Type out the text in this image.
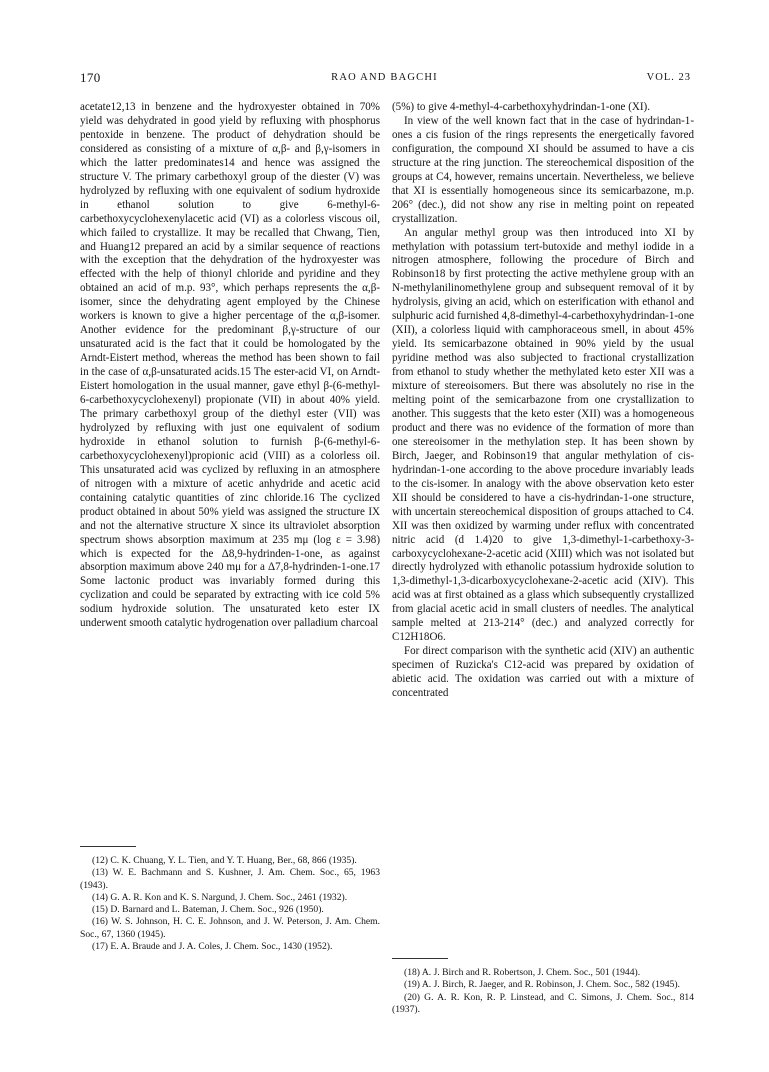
170	RAO AND BAGCHI	VOL. 23

acetate12,13 in benzene and the hydroxyester obtained in 70% yield was dehydrated in good yield by refluxing with phosphorus pentoxide in benzene. The product of dehydration should be considered as consisting of a mixture of α,β- and β,γ-isomers in which the latter predominates14 and hence was assigned the structure V. The primary carbethoxyl group of the diester (V) was hydrolyzed by refluxing with one equivalent of sodium hydroxide in ethanol solution to give 6-methyl-6-carbethoxycyclohexenylacetic acid (VI) as a colorless viscous oil, which failed to crystallize. It may be recalled that Chwang, Tien, and Huang12 prepared an acid by a similar sequence of reactions with the exception that the dehydration of the hydroxyester was effected with the help of thionyl chloride and pyridine and they obtained an acid of m.p. 93°, which perhaps represents the α,β-isomer, since the dehydrating agent employed by the Chinese workers is known to give a higher percentage of the α,β-isomer. Another evidence for the predominant β,γ-structure of our unsaturated acid is the fact that it could be homologated by the Arndt-Eistert method, whereas the method has been shown to fail in the case of α,β-unsaturated acids.15 The ester-acid VI, on Arndt-Eistert homologation in the usual manner, gave ethyl β-(6-methyl-6-carbethoxycyclohexenyl) propionate (VII) in about 40% yield. The primary carbethoxyl group of the diethyl ester (VII) was hydrolyzed by refluxing with just one equivalent of sodium hydroxide in ethanol solution to furnish β-(6-methyl-6-carbethoxycyclohexenyl)propionic acid (VIII) as a colorless oil. This unsaturated acid was cyclized by refluxing in an atmosphere of nitrogen with a mixture of acetic anhydride and acetic acid containing catalytic quantities of zinc chloride.16 The cyclized product obtained in about 50% yield was assigned the structure IX and not the alternative structure X since its ultraviolet absorption spectrum shows absorption maximum at 235 mμ (log ε = 3.98) which is expected for the Δ8,9-hydrinden-1-one, as against absorption maximum above 240 mμ for a Δ7,8-hydrinden-1-one.17 Some lactonic product was invariably formed during this cyclization and could be separated by extracting with ice cold 5% sodium hydroxide solution. The unsaturated keto ester IX underwent smooth catalytic hydrogenation over palladium charcoal

(12) C. K. Chuang, Y. L. Tien, and Y. T. Huang, Ber., 68, 866 (1935).

(13) W. E. Bachmann and S. Kushner, J. Am. Chem. Soc., 65, 1963 (1943).

(14) G. A. R. Kon and K. S. Nargund, J. Chem. Soc., 2461 (1932).

(15) D. Barnard and L. Bateman, J. Chem. Soc., 926 (1950).

(16) W. S. Johnson, H. C. E. Johnson, and J. W. Peterson, J. Am. Chem. Soc., 67, 1360 (1945).

(17) E. A. Braude and J. A. Coles, J. Chem. Soc., 1430 (1952).

(5%) to give 4-methyl-4-carbethoxyhydrindan-1-one (XI).

In view of the well known fact that in the case of hydrindan-1-ones a cis fusion of the rings represents the energetically favored configuration, the compound XI should be assumed to have a cis structure at the ring junction. The stereochemical disposition of the groups at C4, however, remains uncertain. Nevertheless, we believe that XI is essentially homogeneous since its semicarbazone, m.p. 206° (dec.), did not show any rise in melting point on repeated crystallization.

An angular methyl group was then introduced into XI by methylation with potassium tert-butoxide and methyl iodide in a nitrogen atmosphere, following the procedure of Birch and Robinson18 by first protecting the active methylene group with an N-methylanilinomethylene group and subsequent removal of it by hydrolysis, giving an acid, which on esterification with ethanol and sulphuric acid furnished 4,8-dimethyl-4-carbethoxyhydrindan-1-one (XII), a colorless liquid with camphoraceous smell, in about 45% yield. Its semicarbazone obtained in 90% yield by the usual pyridine method was also subjected to fractional crystallization from ethanol to study whether the methylated keto ester XII was a mixture of stereoisomers. But there was absolutely no rise in the melting point of the semicarbazone from one crystallization to another. This suggests that the keto ester (XII) was a homogeneous product and there was no evidence of the formation of more than one stereoisomer in the methylation step. It has been shown by Birch, Jaeger, and Robinson19 that angular methylation of cis-hydrindan-1-one according to the above procedure invariably leads to the cis-isomer. In analogy with the above observation keto ester XII should be considered to have a cis-hydrindan-1-one structure, with uncertain stereochemical disposition of groups attached to C4. XII was then oxidized by warming under reflux with concentrated nitric acid (d 1.4)20 to give 1,3-dimethyl-1-carbethoxy-3-carboxycyclohexane-2-acetic acid (XIII) which was not isolated but directly hydrolyzed with ethanolic potassium hydroxide solution to 1,3-dimethyl-1,3-dicarboxycyclohexane-2-acetic acid (XIV). This acid was at first obtained as a glass which subsequently crystallized from glacial acetic acid in small clusters of needles. The analytical sample melted at 213-214° (dec.) and analyzed correctly for C12H18O6.

For direct comparison with the synthetic acid (XIV) an authentic specimen of Ruzicka's C12-acid was prepared by oxidation of abietic acid. The oxidation was carried out with a mixture of concentrated

(18) A. J. Birch and R. Robertson, J. Chem. Soc., 501 (1944).

(19) A. J. Birch, R. Jaeger, and R. Robinson, J. Chem. Soc., 582 (1945).

(20) G. A. R. Kon, R. P. Linstead, and C. Simons, J. Chem. Soc., 814 (1937).
